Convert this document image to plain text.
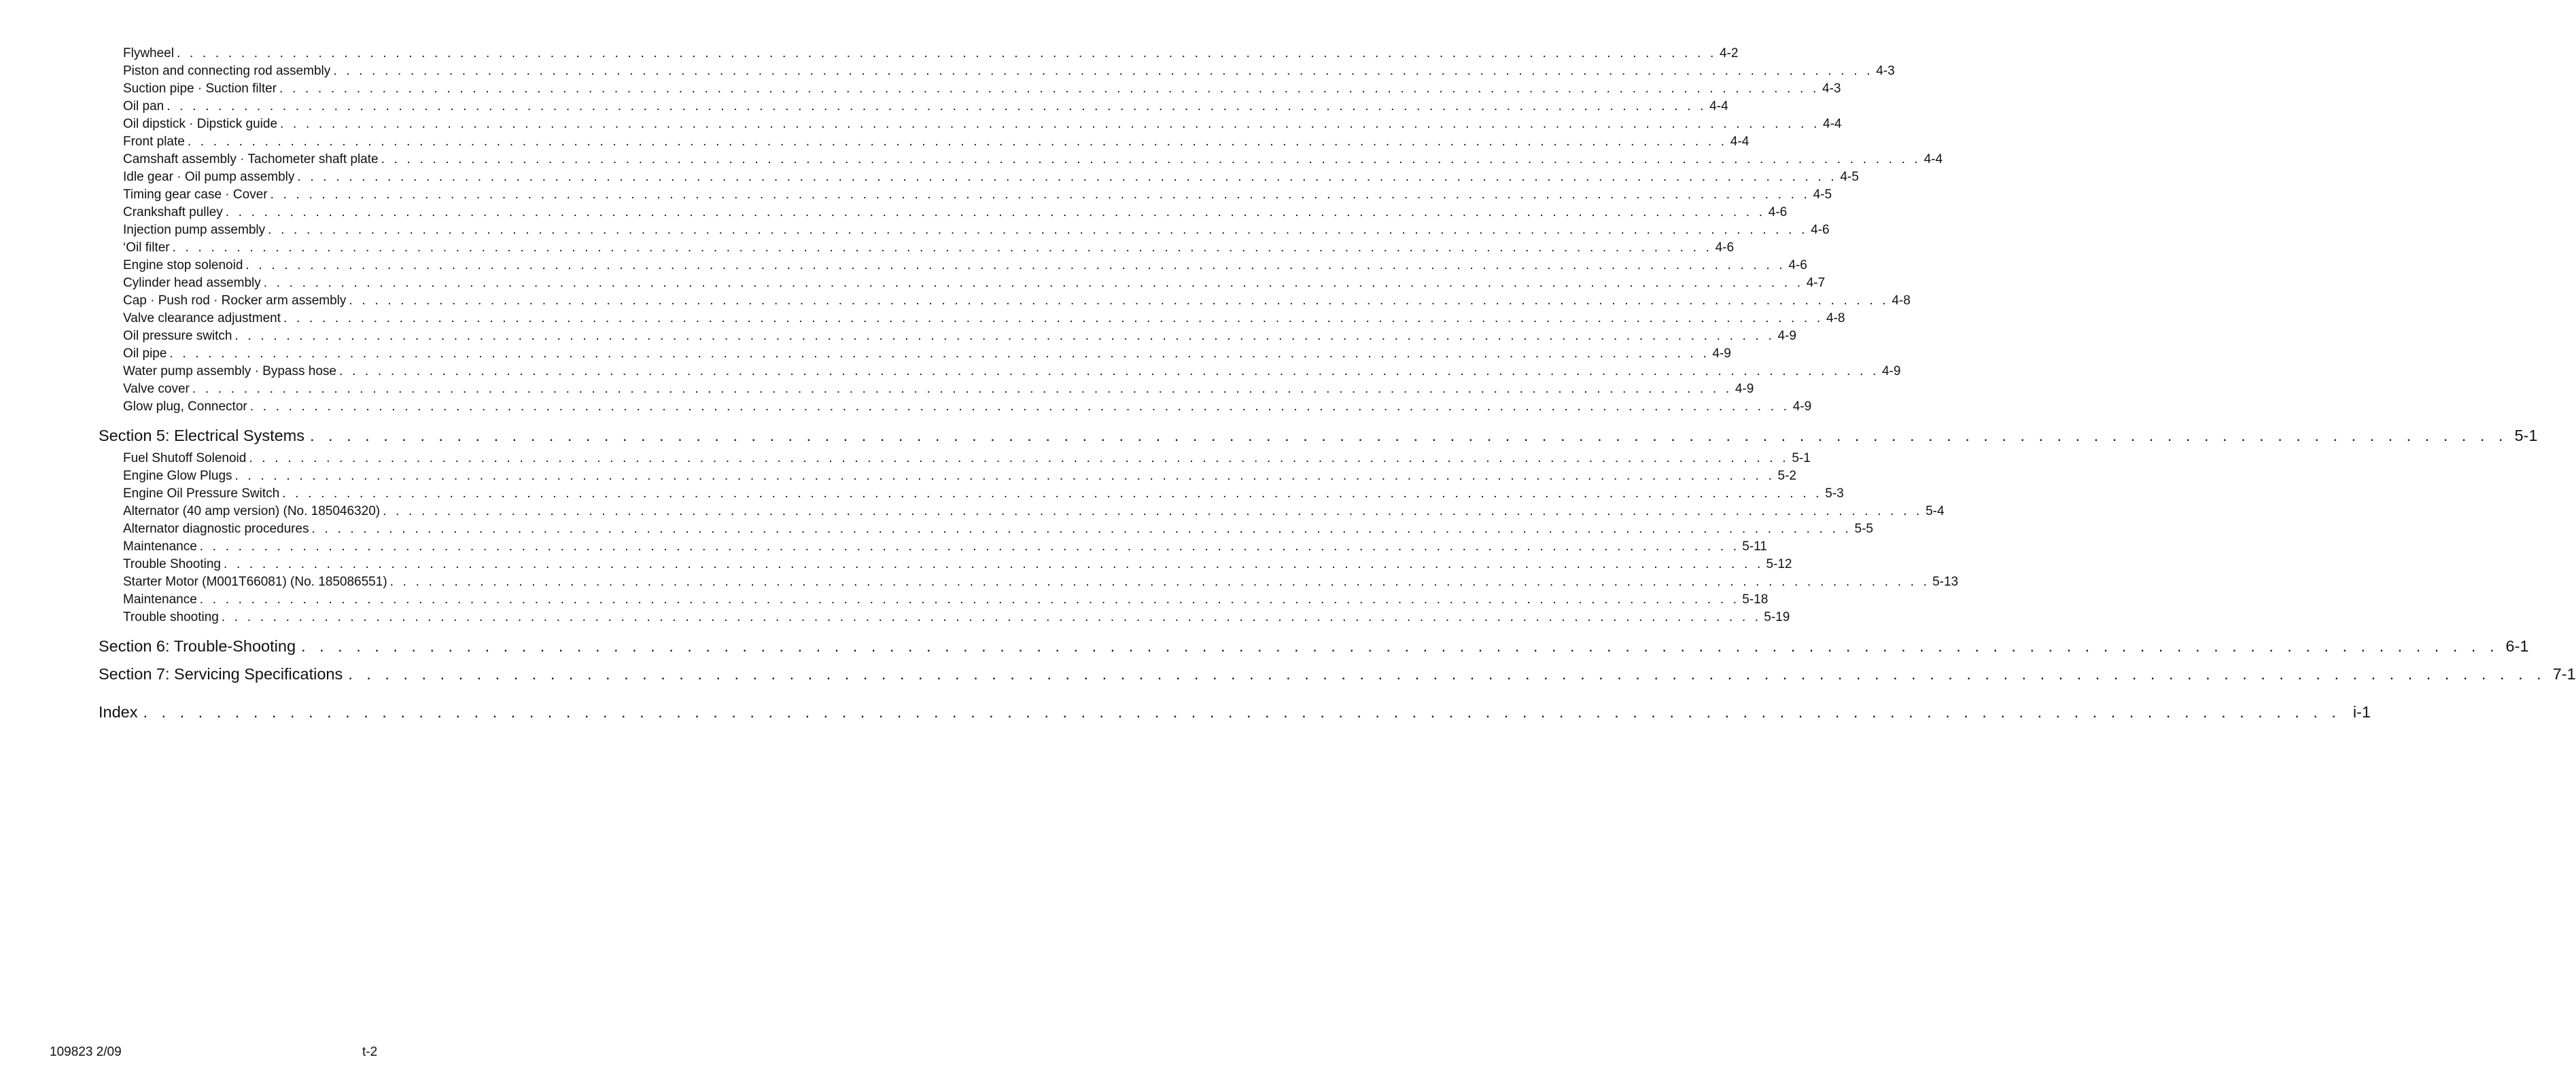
Flywheel . . . . . . . . . . . . . . . . . . . . . . . . . . . . . . . . . . . . . . . . . . . . . . . . . . . . . . . . . . . . . . . . . . . . . . . . . . . . . . . . . . . . . . . . . . . . . . . . . . . . . . . . . . . . . . . . . . . . . . . . 4-2
Piston and connecting rod assembly . . . . . . . . . . . . . . . . . . . . . . . . . . . . . . . . . . . . . . . . . . . . . . . . . . . . . . . . . . . . . . . . . . . . . . . . . . . . . . . . . . . . . . . . . . . . . . . . . . . . . . . . . . . . . . . . . . . . . . . . 4-3
Suction pipe · Suction filter . . . . . . . . . . . . . . . . . . . . . . . . . . . . . . . . . . . . . . . . . . . . . . . . . . . . . . . . . . . . . . . . . . . . . . . . . . . . . . . . . . . . . . . . . . . . . . . . . . . . . . . . . . . . . . . . . . . . . . . . 4-3
Oil pan . . . . . . . . . . . . . . . . . . . . . . . . . . . . . . . . . . . . . . . . . . . . . . . . . . . . . . . . . . . . . . . . . . . . . . . . . . . . . . . . . . . . . . . . . . . . . . . . . . . . . . . . . . . . . . . . . . . . . . . . 4-4
Oil dipstick · Dipstick guide . . . . . . . . . . . . . . . . . . . . . . . . . . . . . . . . . . . . . . . . . . . . . . . . . . . . . . . . . . . . . . . . . . . . . . . . . . . . . . . . . . . . . . . . . . . . . . . . . . . . . . . . . . . . . . . . . . . . . . . . 4-4
Front plate . . . . . . . . . . . . . . . . . . . . . . . . . . . . . . . . . . . . . . . . . . . . . . . . . . . . . . . . . . . . . . . . . . . . . . . . . . . . . . . . . . . . . . . . . . . . . . . . . . . . . . . . . . . . . . . . . . . . . . . . 4-4
Camshaft assembly · Tachometer shaft plate . . . . . . . . . . . . . . . . . . . . . . . . . . . . . . . . . . . . . . . . . . . . . . . . . . . . . . . . . . . . . . . . . . . . . . . . . . . . . . . . . . . . . . . . . . . . . . . . . . . . . . . . . . . . . . . . . . . . . . . . 4-4
Idle gear · Oil pump assembly . . . . . . . . . . . . . . . . . . . . . . . . . . . . . . . . . . . . . . . . . . . . . . . . . . . . . . . . . . . . . . . . . . . . . . . . . . . . . . . . . . . . . . . . . . . . . . . . . . . . . . . . . . . . . . . . . . . . . . . . 4-5
Timing gear case · Cover . . . . . . . . . . . . . . . . . . . . . . . . . . . . . . . . . . . . . . . . . . . . . . . . . . . . . . . . . . . . . . . . . . . . . . . . . . . . . . . . . . . . . . . . . . . . . . . . . . . . . . . . . . . . . . . . . . . . . . . . 4-5
Crankshaft pulley . . . . . . . . . . . . . . . . . . . . . . . . . . . . . . . . . . . . . . . . . . . . . . . . . . . . . . . . . . . . . . . . . . . . . . . . . . . . . . . . . . . . . . . . . . . . . . . . . . . . . . . . . . . . . . . . . . . . . . . . 4-6
Injection pump assembly . . . . . . . . . . . . . . . . . . . . . . . . . . . . . . . . . . . . . . . . . . . . . . . . . . . . . . . . . . . . . . . . . . . . . . . . . . . . . . . . . . . . . . . . . . . . . . . . . . . . . . . . . . . . . . . . . . . . . . . . 4-6
‘Oil filter . . . . . . . . . . . . . . . . . . . . . . . . . . . . . . . . . . . . . . . . . . . . . . . . . . . . . . . . . . . . . . . . . . . . . . . . . . . . . . . . . . . . . . . . . . . . . . . . . . . . . . . . . . . . . . . . . . . . . . . . 4-6
Engine stop solenoid . . . . . . . . . . . . . . . . . . . . . . . . . . . . . . . . . . . . . . . . . . . . . . . . . . . . . . . . . . . . . . . . . . . . . . . . . . . . . . . . . . . . . . . . . . . . . . . . . . . . . . . . . . . . . . . . . . . . . . . . 4-6
Cylinder head assembly . . . . . . . . . . . . . . . . . . . . . . . . . . . . . . . . . . . . . . . . . . . . . . . . . . . . . . . . . . . . . . . . . . . . . . . . . . . . . . . . . . . . . . . . . . . . . . . . . . . . . . . . . . . . . . . . . . . . . . . . 4-7
Cap · Push rod · Rocker arm assembly . . . . . . . . . . . . . . . . . . . . . . . . . . . . . . . . . . . . . . . . . . . . . . . . . . . . . . . . . . . . . . . . . . . . . . . . . . . . . . . . . . . . . . . . . . . . . . . . . . . . . . . . . . . . . . . . . . . . . . . . 4-8
Valve clearance adjustment . . . . . . . . . . . . . . . . . . . . . . . . . . . . . . . . . . . . . . . . . . . . . . . . . . . . . . . . . . . . . . . . . . . . . . . . . . . . . . . . . . . . . . . . . . . . . . . . . . . . . . . . . . . . . . . . . . . . . . . . 4-8
Oil pressure switch . . . . . . . . . . . . . . . . . . . . . . . . . . . . . . . . . . . . . . . . . . . . . . . . . . . . . . . . . . . . . . . . . . . . . . . . . . . . . . . . . . . . . . . . . . . . . . . . . . . . . . . . . . . . . . . . . . . . . . . . 4-9
Oil pipe . . . . . . . . . . . . . . . . . . . . . . . . . . . . . . . . . . . . . . . . . . . . . . . . . . . . . . . . . . . . . . . . . . . . . . . . . . . . . . . . . . . . . . . . . . . . . . . . . . . . . . . . . . . . . . . . . . . . . . . . 4-9
Water pump assembly · Bypass hose . . . . . . . . . . . . . . . . . . . . . . . . . . . . . . . . . . . . . . . . . . . . . . . . . . . . . . . . . . . . . . . . . . . . . . . . . . . . . . . . . . . . . . . . . . . . . . . . . . . . . . . . . . . . . . . . . . . . . . . . 4-9
Valve cover . . . . . . . . . . . . . . . . . . . . . . . . . . . . . . . . . . . . . . . . . . . . . . . . . . . . . . . . . . . . . . . . . . . . . . . . . . . . . . . . . . . . . . . . . . . . . . . . . . . . . . . . . . . . . . . . . . . . . . . . 4-9
Glow plug, Connector . . . . . . . . . . . . . . . . . . . . . . . . . . . . . . . . . . . . . . . . . . . . . . . . . . . . . . . . . . . . . . . . . . . . . . . . . . . . . . . . . . . . . . . . . . . . . . . . . . . . . . . . . . . . . . . . . . . . . . . . 4-9
Section 5: Electrical Systems . . . . . . . . . . . . . . . . . . . . . . . . . . . . . . . . . . . . . . . . . . . . . . . . . . . . . . . . . . . . . . . . . . . . . . . . . . . . . . . . . . . . . . . . . . . . . . . . . . . . . . . . . . . . . . . . . . . . . . . . 5-1
Fuel Shutoff Solenoid . . . . . . . . . . . . . . . . . . . . . . . . . . . . . . . . . . . . . . . . . . . . . . . . . . . . . . . . . . . . . . . . . . . . . . . . . . . . . . . . . . . . . . . . . . . . . . . . . . . . . . . . . . . . . . . . . . . . . . . . 5-1
Engine Glow Plugs . . . . . . . . . . . . . . . . . . . . . . . . . . . . . . . . . . . . . . . . . . . . . . . . . . . . . . . . . . . . . . . . . . . . . . . . . . . . . . . . . . . . . . . . . . . . . . . . . . . . . . . . . . . . . . . . . . . . . . . . 5-2
Engine Oil Pressure Switch . . . . . . . . . . . . . . . . . . . . . . . . . . . . . . . . . . . . . . . . . . . . . . . . . . . . . . . . . . . . . . . . . . . . . . . . . . . . . . . . . . . . . . . . . . . . . . . . . . . . . . . . . . . . . . . . . . . . . . . . 5-3
Alternator (40 amp version) (No. 185046320) . . . . . . . . . . . . . . . . . . . . . . . . . . . . . . . . . . . . . . . . . . . . . . . . . . . . . . . . . . . . . . . . . . . . . . . . . . . . . . . . . . . . . . . . . . . . . . . . . . . . . . . . . . . . . . . . . . . . . . . . 5-4
Alternator diagnostic procedures . . . . . . . . . . . . . . . . . . . . . . . . . . . . . . . . . . . . . . . . . . . . . . . . . . . . . . . . . . . . . . . . . . . . . . . . . . . . . . . . . . . . . . . . . . . . . . . . . . . . . . . . . . . . . . . . . . . . . . . . 5-5
Maintenance . . . . . . . . . . . . . . . . . . . . . . . . . . . . . . . . . . . . . . . . . . . . . . . . . . . . . . . . . . . . . . . . . . . . . . . . . . . . . . . . . . . . . . . . . . . . . . . . . . . . . . . . . . . . . . . . . . . . . . . . 5-11
Trouble Shooting . . . . . . . . . . . . . . . . . . . . . . . . . . . . . . . . . . . . . . . . . . . . . . . . . . . . . . . . . . . . . . . . . . . . . . . . . . . . . . . . . . . . . . . . . . . . . . . . . . . . . . . . . . . . . . . . . . . . . . . . 5-12
Starter Motor (M001T66081) (No. 185086551) . . . . . . . . . . . . . . . . . . . . . . . . . . . . . . . . . . . . . . . . . . . . . . . . . . . . . . . . . . . . . . . . . . . . . . . . . . . . . . . . . . . . . . . . . . . . . . . . . . . . . . . . . . . . . . . . . . . . . . . . 5-13
Maintenance . . . . . . . . . . . . . . . . . . . . . . . . . . . . . . . . . . . . . . . . . . . . . . . . . . . . . . . . . . . . . . . . . . . . . . . . . . . . . . . . . . . . . . . . . . . . . . . . . . . . . . . . . . . . . . . . . . . . . . . . 5-18
Trouble shooting . . . . . . . . . . . . . . . . . . . . . . . . . . . . . . . . . . . . . . . . . . . . . . . . . . . . . . . . . . . . . . . . . . . . . . . . . . . . . . . . . . . . . . . . . . . . . . . . . . . . . . . . . . . . . . . . . . . . . . . . 5-19
Section 6: Trouble-Shooting . . . . . . . . . . . . . . . . . . . . . . . . . . . . . . . . . . . . . . . . . . . . . . . . . . . . . . . . . . . . . . . . . . . . . . . . . . . . . . . . . . . . . . . . . . . . . . . . . . . . . . . . . . . . . . . . . . . . . . . . 6-1
Section 7: Servicing Specifications . . . . . . . . . . . . . . . . . . . . . . . . . . . . . . . . . . . . . . . . . . . . . . . . . . . . . . . . . . . . . . . . . . . . . . . . . . . . . . . . . . . . . . . . . . . . . . . . . . . . . . . . . . . . . . . . . . . . . . . . 7-1
Index . . . . . . . . . . . . . . . . . . . . . . . . . . . . . . . . . . . . . . . . . . . . . . . . . . . . . . . . . . . . . . . . . . . . . . . . . . . . . . . . . . . . . . . . . . . . . . . . . . . . . . . . . . . . . . . . . . . . . . . . i-1
109823 2/09	t-2
